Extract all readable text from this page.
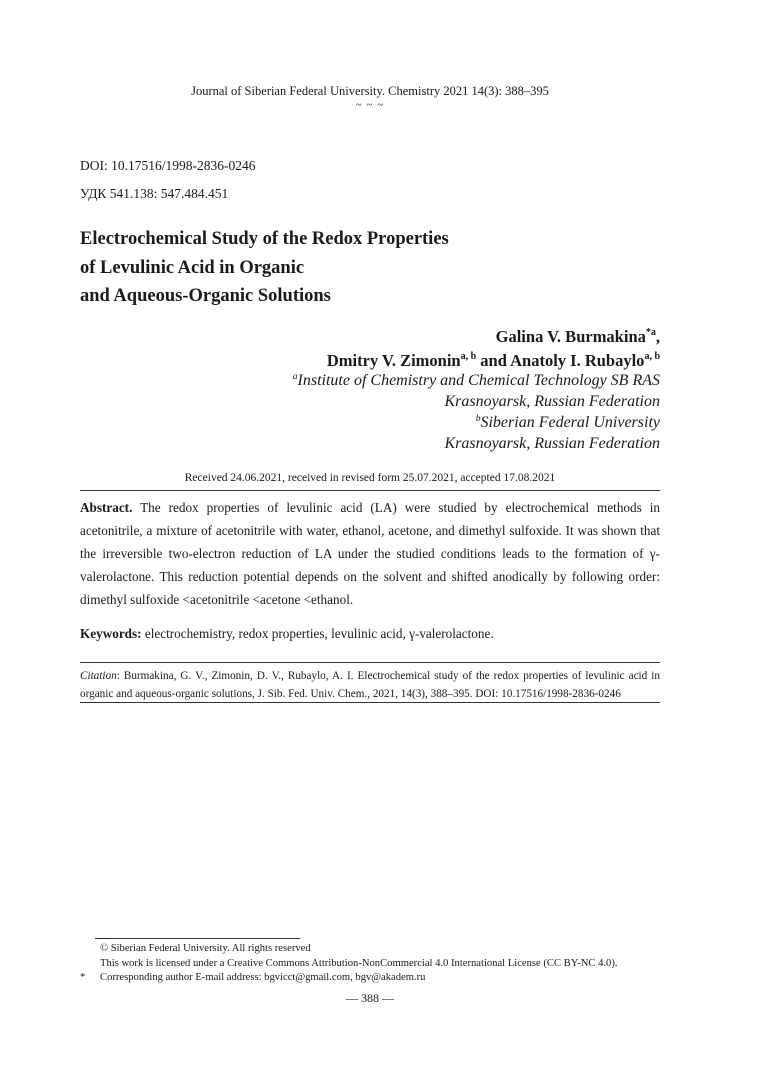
Journal of Siberian Federal University. Chemistry 2021 14(3): 388–395
~ ~ ~
DOI: 10.17516/1998-2836-0246
УДК 541.138: 547.484.451
Electrochemical Study of the Redox Properties
of Levulinic Acid in Organic
and Aqueous-Organic Solutions
Galina V. Burmakina$^{*a}$,
Dmitry V. Zimonin$^{a, b}$ and Anatoly I. Rubaylo$^{a, b}$
$^a$Institute of Chemistry and Chemical Technology SB RAS
Krasnoyarsk, Russian Federation
$^b$Siberian Federal University
Krasnoyarsk, Russian Federation
Received 24.06.2021, received in revised form 25.07.2021, accepted 17.08.2021
Abstract. The redox properties of levulinic acid (LA) were studied by electrochemical methods in acetonitrile, a mixture of acetonitrile with water, ethanol, acetone, and dimethyl sulfoxide. It was shown that the irreversible two-electron reduction of LA under the studied conditions leads to the formation of γ-valerolactone. This reduction potential depends on the solvent and shifted anodically by following order: dimethyl sulfoxide <acetonitrile <acetone <ethanol.
Keywords: electrochemistry, redox properties, levulinic acid, γ-valerolactone.
Citation: Burmakina, G. V., Zimonin, D. V., Rubaylo, A. I. Electrochemical study of the redox properties of levulinic acid in organic and aqueous-organic solutions, J. Sib. Fed. Univ. Chem., 2021, 14(3), 388–395. DOI: 10.17516/1998-2836-0246
© Siberian Federal University. All rights reserved
This work is licensed under a Creative Commons Attribution-NonCommercial 4.0 International License (CC BY-NC 4.0).
* Corresponding author E-mail address: bgvicct@gmail.com, bgv@akadem.ru
— 388 —
